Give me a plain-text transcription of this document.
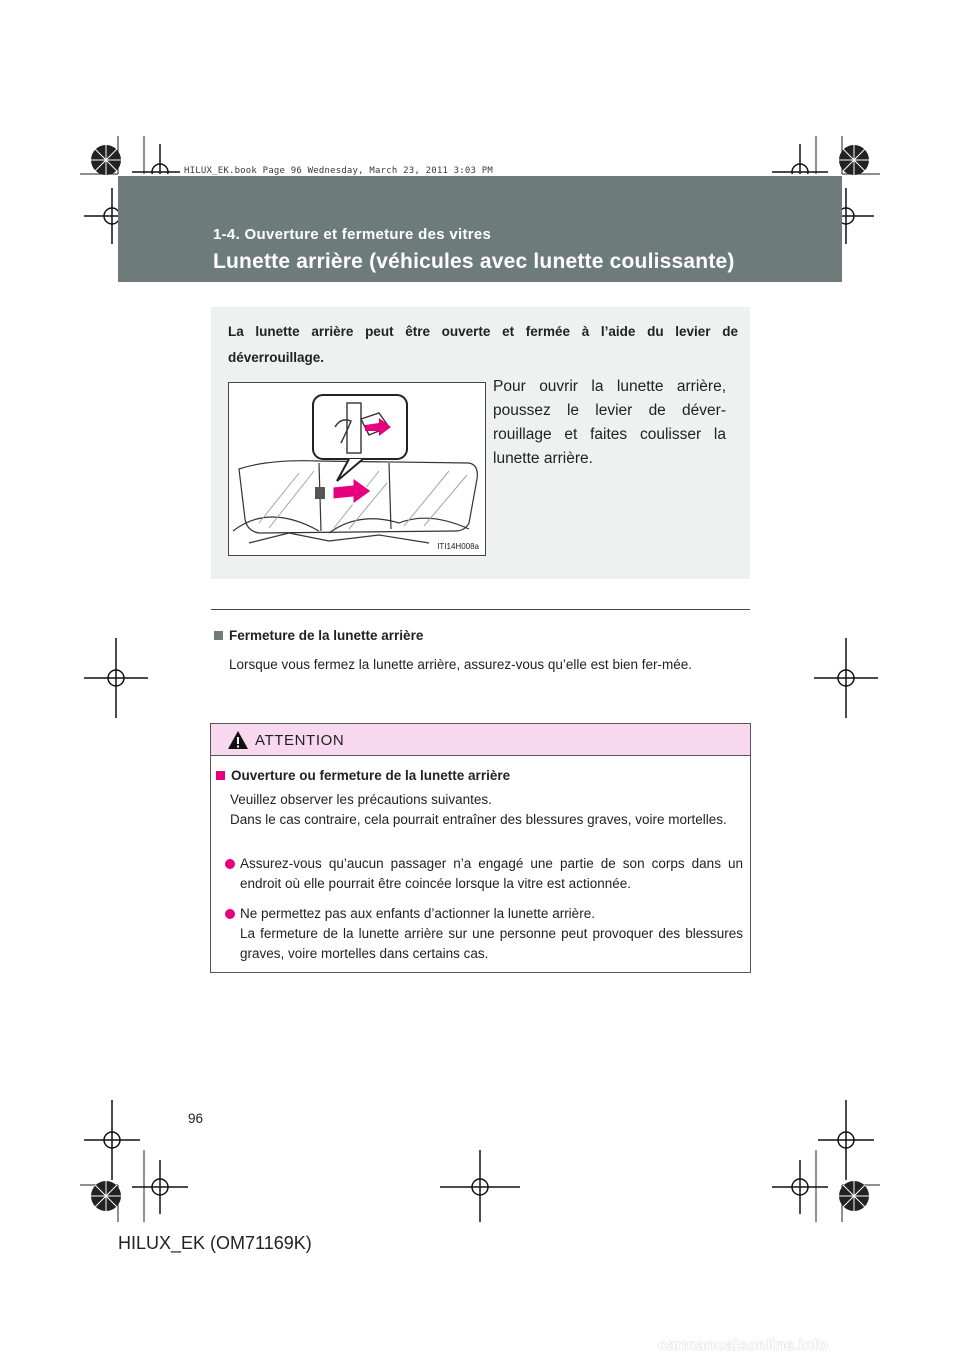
HILUX_EK.book Page 96 Wednesday, March 23, 2011 3:03 PM
1-4. Ouverture et fermeture des vitres
Lunette arrière (véhicules avec lunette coulissante)
La lunette arrière peut être ouverte et fermée à l’aide du levier de déverrouillage.
ITI14H008a
Pour ouvrir la lunette arrière, poussez le levier de déver-rouillage et faites coulisser la lunette arrière.
Fermeture de la lunette arrière
Lorsque vous fermez la lunette arrière, assurez-vous qu’elle est bien fer-mée.
ATTENTION
Ouverture ou fermeture de la lunette arrière
Veuillez observer les précautions suivantes.
Dans le cas contraire, cela pourrait entraîner des blessures graves, voire mortelles.
Assurez-vous qu’aucun passager n’a engagé une partie de son corps dans un endroit où elle pourrait être coincée lorsque la vitre est actionnée.
Ne permettez pas aux enfants d’actionner la lunette arrière.
La fermeture de la lunette arrière sur une personne peut provoquer des blessures graves, voire mortelles dans certains cas.
96
HILUX_EK (OM71169K)
carmanualsonline.info
